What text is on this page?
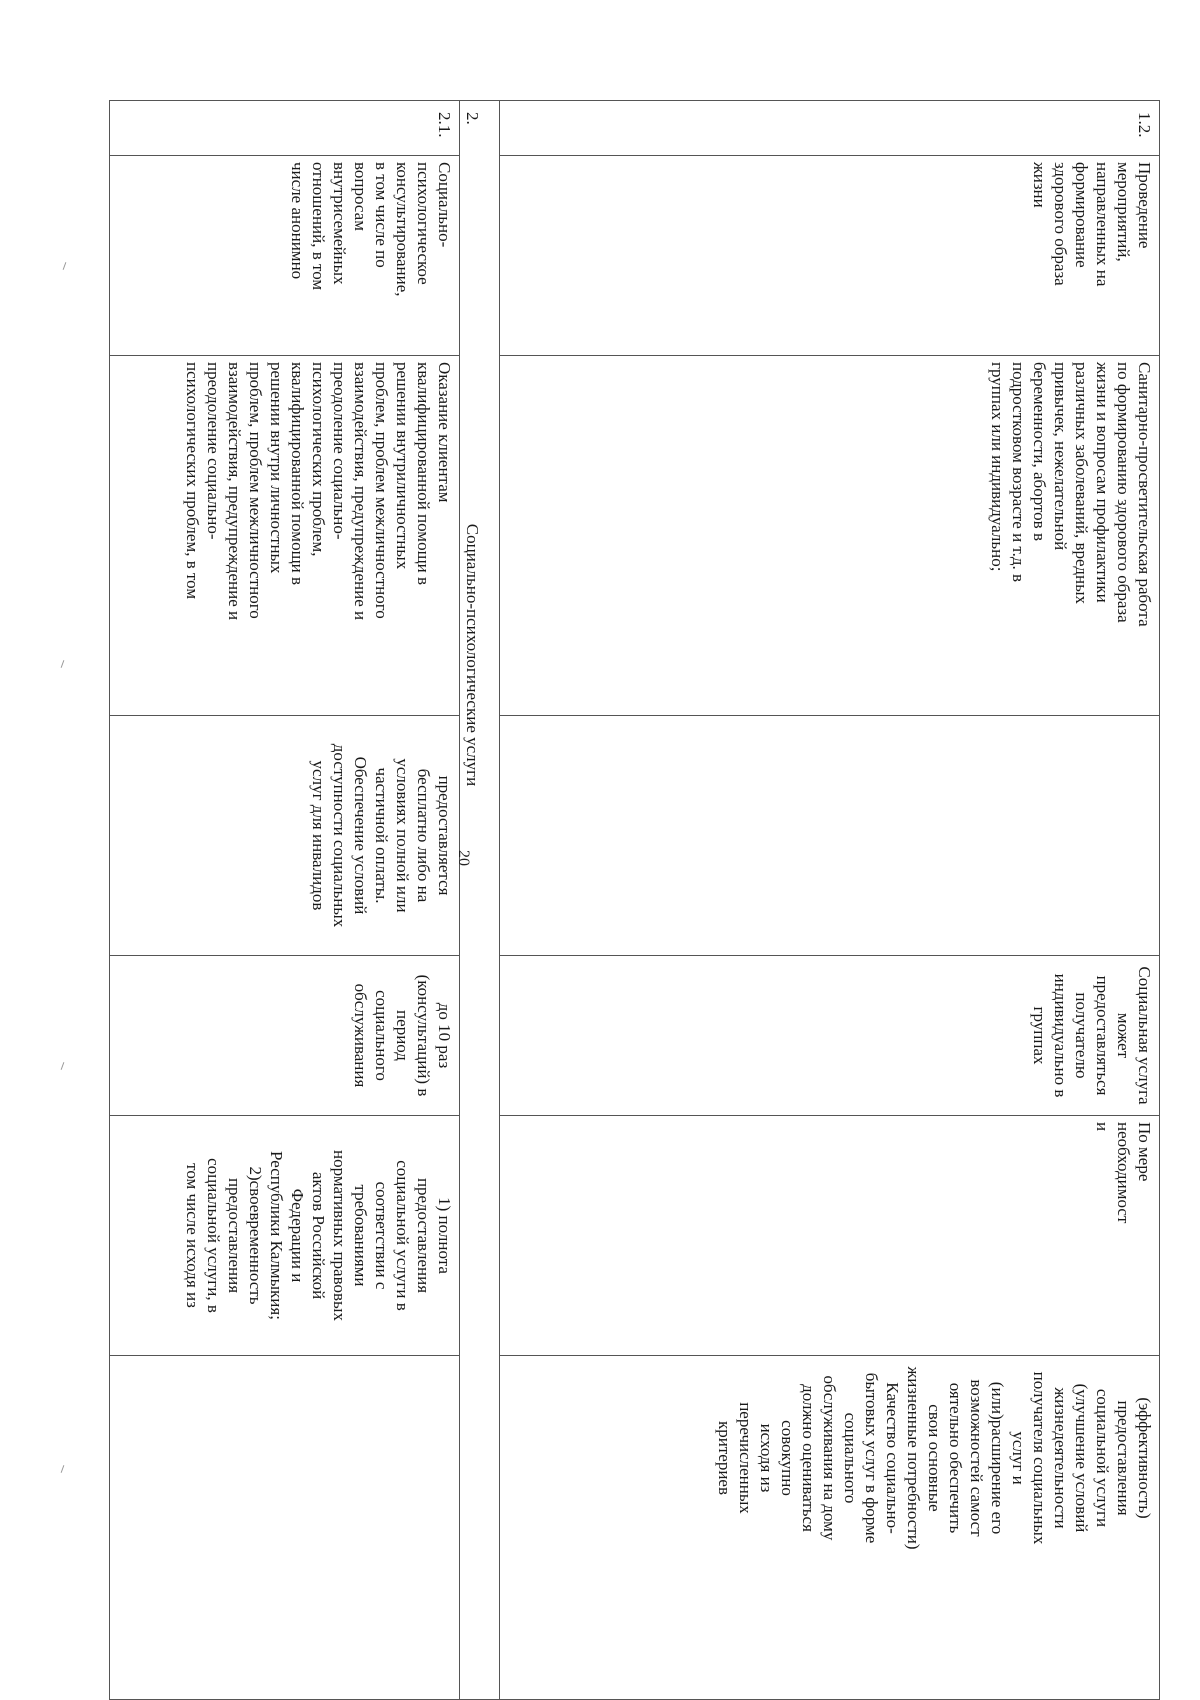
1.2.
Проведение
мероприятий,
направленных на
формирование
здорового образа
жизни
Санитарно-просветительская работа
по формированию здорового образа
жизни и вопросам профилактики
различных заболеваний, вредных
привычек, нежелательной
беременности, абортов в
подростковом возрасте и т.д. в
группах или индивидуально;
Социальная услуга
может
предоставляться
получателю
индивидуально в
группах
По мере
необходимост
и
(эффективность)
предоставления
социальной услуги
(улучшение условий
жизнедеятельности
получателя социальных
услуг и
(или)расширение его
возможностей самост
оятельно обеспечить
свои основные
жизненные потребности)
Качество социально-
бытовых услуг в форме
социального
обслуживания на дому
должно оцениваться
совокупно
исходя из
перечисленных
критериев
2.
Социально-психологические услуги
2.1.
Социально-
психологическое
консультирование,
в том числе по
вопросам
внутрисемейных
отношений, в том
числе анонимно
Оказание клиентам
квалифицированной помощи в
решении внутриличностных
проблем, проблем межличностного
взаимодействия, предупреждение и
преодоление социально-
психологических проблем,
квалифицированной помощи в
решении внутри личностных
проблем, проблем межличностного
взаимодействия, предупреждение и
преодоление социально-
психологических проблем, в том
предоставляется
бесплатно либо на
условиях полной или
частичной оплаты.
Обеспечение условий
доступности социальных
услуг для инвалидов
до 10 раз
(консультаций) в
период
социального
обслуживания
1) полнота
предоставления
социальной услуги в
соответствии с
требованиями
нормативных правовых
актов Российской
Федерации и
Республики Калмыкия;
2)своевременность
предоставления
социальной услуги, в
том числе исходя из
20
